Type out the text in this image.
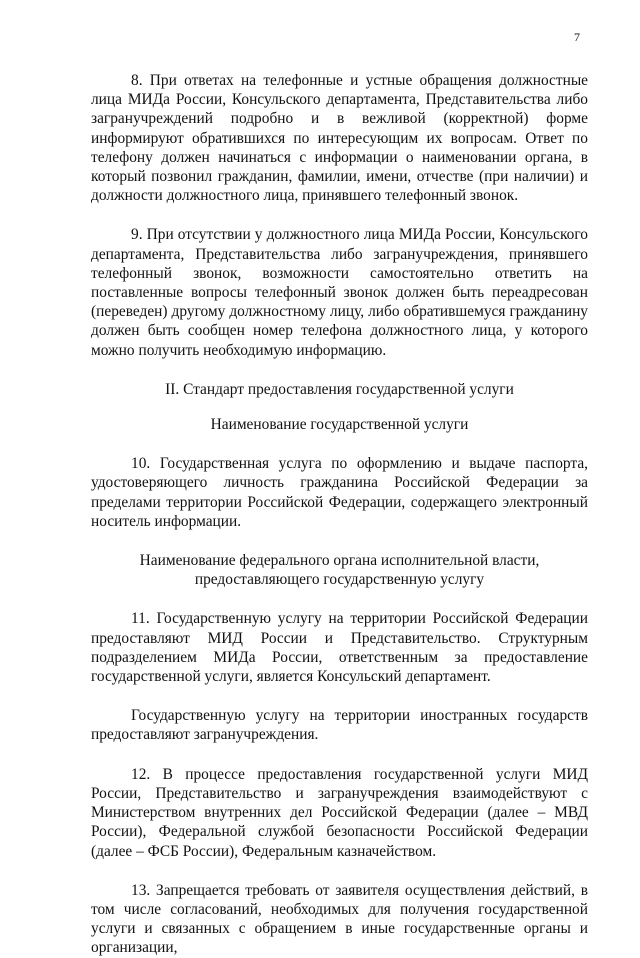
7

8. При ответах на телефонные и устные обращения должностные лица МИДа России, Консульского департамента, Представительства либо загранучреждений подробно и в вежливой (корректной) форме информируют обратившихся по интересующим их вопросам. Ответ по телефону должен начинаться с информации о наименовании органа, в который позвонил гражданин, фамилии, имени, отчестве (при наличии) и должности должностного лица, принявшего телефонный звонок.

9. При отсутствии у должностного лица МИДа России, Консульского департамента, Представительства либо загранучреждения, принявшего телефонный звонок, возможности самостоятельно ответить на поставленные вопросы телефонный звонок должен быть переадресован (переведен) другому должностному лицу, либо обратившемуся гражданину должен быть сообщен номер телефона должностного лица, у которого можно получить необходимую информацию.

II. Стандарт предоставления государственной услуги

Наименование государственной услуги

10. Государственная услуга по оформлению и выдаче паспорта, удостоверяющего личность гражданина Российской Федерации за пределами территории Российской Федерации, содержащего электронный носитель информации.

Наименование федерального органа исполнительной власти,

предоставляющего государственную услугу

11. Государственную услугу на территории Российской Федерации предоставляют МИД России и Представительство. Структурным подразделением МИДа России, ответственным за предоставление государственной услуги, является Консульский департамент.

Государственную услугу на территории иностранных государств предоставляют загранучреждения.

12. В процессе предоставления государственной услуги МИД России, Представительство и загранучреждения взаимодействуют с Министерством внутренних дел Российской Федерации (далее – МВД России), Федеральной службой безопасности Российской Федерации (далее – ФСБ России), Федеральным казначейством.

13. Запрещается требовать от заявителя осуществления действий, в том числе согласований, необходимых для получения государственной услуги и связанных с обращением в иные государственные органы и организации,
